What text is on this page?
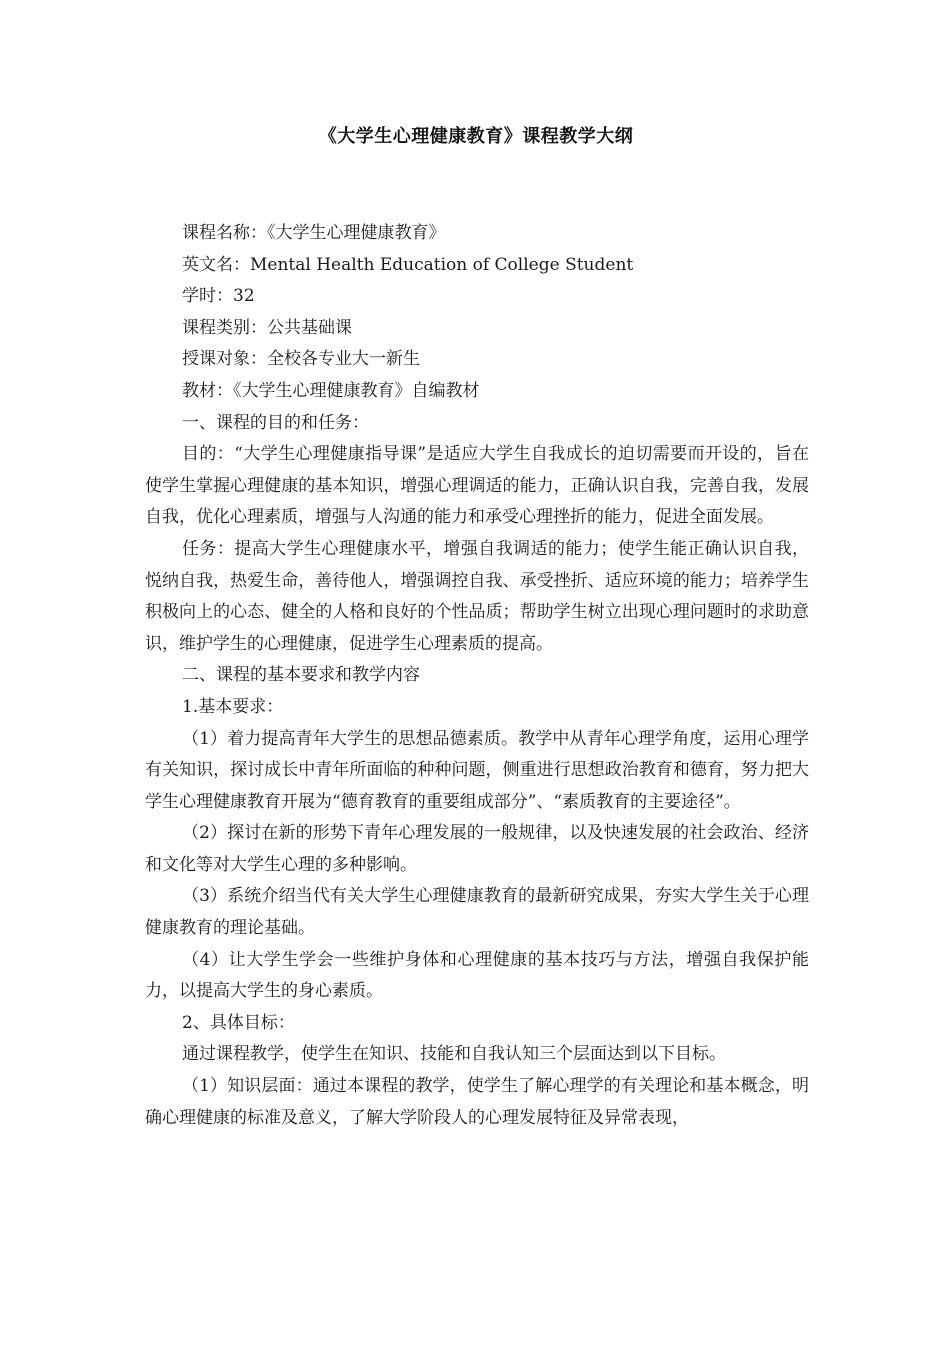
《大学生心理健康教育》课程教学大纲

课程名称：《大学生心理健康教育》

英文名：Mental Health Education of College Student

学时：32

课程类别：公共基础课

授课对象：全校各专业大一新生

教材：《大学生心理健康教育》自编教材

一、课程的目的和任务：

目的：“大学生心理健康指导课”是适应大学生自我成长的迫切需要而开设的，旨在使学生掌握心理健康的基本知识，增强心理调适的能力，正确认识自我，完善自我，发展自我，优化心理素质，增强与人沟通的能力和承受心理挫折的能力，促进全面发展。

任务：提高大学生心理健康水平，增强自我调适的能力；使学生能正确认识自我，悦纳自我，热爱生命，善待他人，增强调控自我、承受挫折、适应环境的能力；培养学生积极向上的心态、健全的人格和良好的个性品质；帮助学生树立出现心理问题时的求助意识，维护学生的心理健康，促进学生心理素质的提高。

二、课程的基本要求和教学内容

1.基本要求：

（1）着力提高青年大学生的思想品德素质。教学中从青年心理学角度，运用心理学有关知识，探讨成长中青年所面临的种种问题，侧重进行思想政治教育和德育，努力把大学生心理健康教育开展为“德育教育的重要组成部分”、“素质教育的主要途径”。

（2）探讨在新的形势下青年心理发展的一般规律，以及快速发展的社会政治、经济和文化等对大学生心理的多种影响。

（3）系统介绍当代有关大学生心理健康教育的最新研究成果，夯实大学生关于心理健康教育的理论基础。

（4）让大学生学会一些维护身体和心理健康的基本技巧与方法，增强自我保护能力，以提高大学生的身心素质。

2、具体目标：

通过课程教学，使学生在知识、技能和自我认知三个层面达到以下目标。

（1）知识层面：通过本课程的教学，使学生了解心理学的有关理论和基本概念，明确心理健康的标准及意义，了解大学阶段人的心理发展特征及异常表现，
